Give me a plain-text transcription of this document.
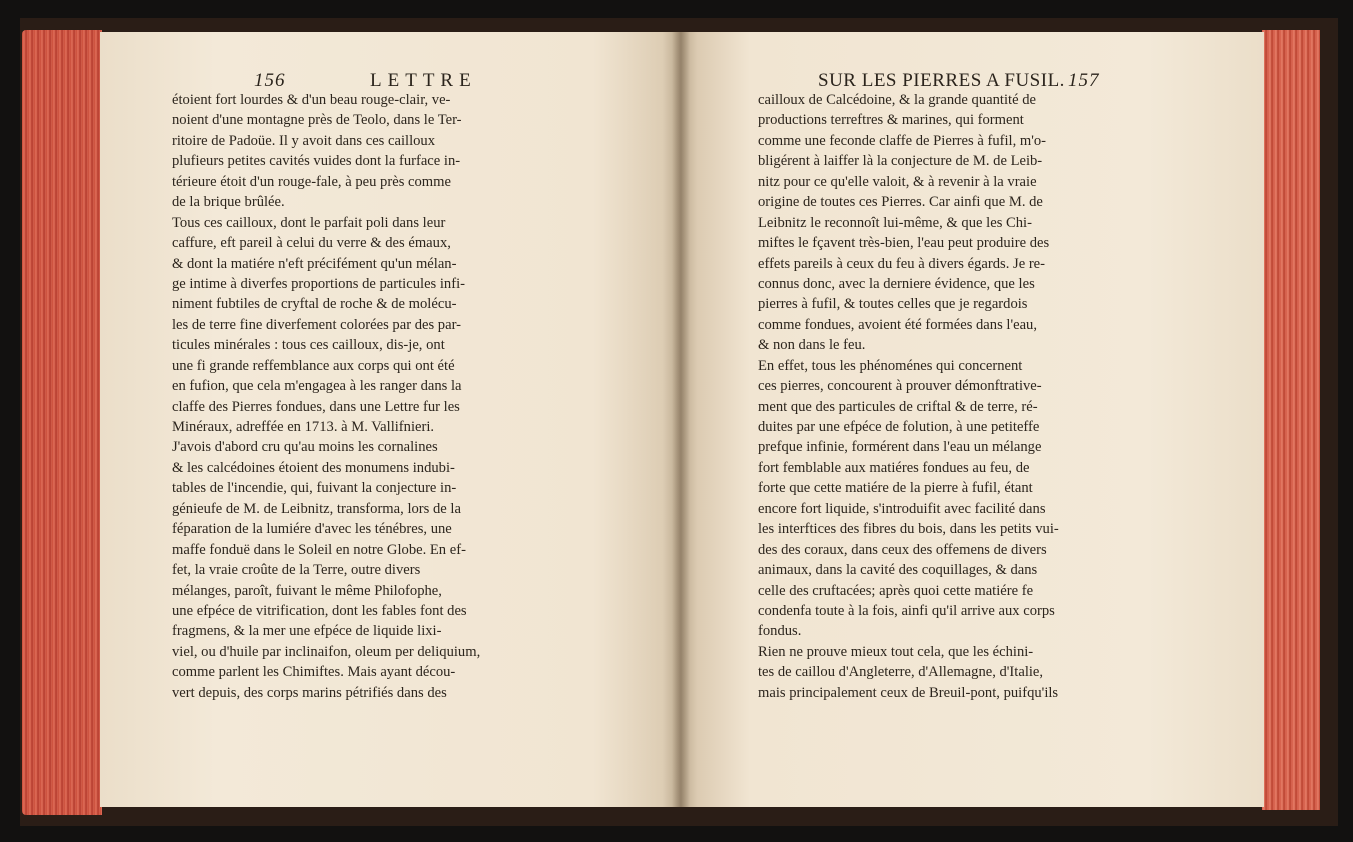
156	LETTRE	SUR LES PIERRES A FUSIL. 157
étoient fort lourdes & d'un beau rouge-clair, ve-
noient d'une montagne près de Teolo, dans le Ter-
ritoire de Padoüe. Il y avoit dans ces cailloux
plufieurs petites cavités vuides dont la furface in-
térieure étoit d'un rouge-fale, à peu près comme
de la brique brûlée.
Tous ces cailloux, dont le parfait poli dans leur
caffure, eft pareil à celui du verre & des émaux,
& dont la matiére n'eft précifément qu'un mélan-
ge intime à diverfes proportions de particules infi-
niment fubtiles de cryftal de roche & de molécu-
les de terre fine diverfement colorées par des par-
ticules minérales : tous ces cailloux, dis-je, ont
une fi grande reffemblance aux corps qui ont été
en fufion, que cela m'engagea à les ranger dans la
claffe des Pierres fondues, dans une Lettre fur les
Minéraux, adreffée en 1713. à M. Vallifnieri.
J'avois d'abord cru qu'au moins les cornalines
& les calcédoines étoient des monumens indubi-
tables de l'incendie, qui, fuivant la conjecture in-
génieufe de M. de Leibnitz, transforma, lors de la
féparation de la lumiére d'avec les ténébres, une
maffe fonduë dans le Soleil en notre Globe. En ef-
fet, la vraie croûte de la Terre, outre divers
mélanges, paroît, fuivant le même Philofophe,
une efpéce de vitrification, dont les fables font des
fragmens, & la mer une efpéce de liquide lixi-
viel, ou d'huile par inclinaifon, oleum per deliquium,
comme parlent les Chimiftes. Mais ayant décou-
vert depuis, des corps marins pétrifiés dans des
cailloux de Calcédoine, & la grande quantité de
productions terreftres & marines, qui forment
comme une feconde claffe de Pierres à fufil, m'o-
bligérent à laiffer là la conjecture de M. de Leib-
nitz pour ce qu'elle valoit, & à revenir à la vraie
origine de toutes ces Pierres. Car ainfi que M. de
Leibnitz le reconnoît lui-même, & que les Chi-
miftes le fçavent très-bien, l'eau peut produire des
effets pareils à ceux du feu à divers égards. Je re-
connus donc, avec la derniere évidence, que les
pierres à fufil, & toutes celles que je regardois
comme fondues, avoient été formées dans l'eau,
& non dans le feu.
En effet, tous les phénoménes qui concernent
ces pierres, concourent à prouver démonftrative-
ment que des particules de criftal & de terre, ré-
duites par une efpéce de folution, à une petiteffe
prefque infinie, formérent dans l'eau un mélange
fort femblable aux matiéres fondues au feu, de
forte que cette matiére de la pierre à fufil, étant
encore fort liquide, s'introduifit avec facilité dans
les interftices des fibres du bois, dans les petits vui-
des des coraux, dans ceux des offemens de divers
animaux, dans la cavité des coquillages, & dans
celle des cruftacées; après quoi cette matiére fe
condenfa toute à la fois, ainfi qu'il arrive aux corps
fondus.
Rien ne prouve mieux tout cela, que les échini-
tes de caillou d'Angleterre, d'Allemagne, d'Italie,
mais principalement ceux de Breuil-pont, puifqu'ils
